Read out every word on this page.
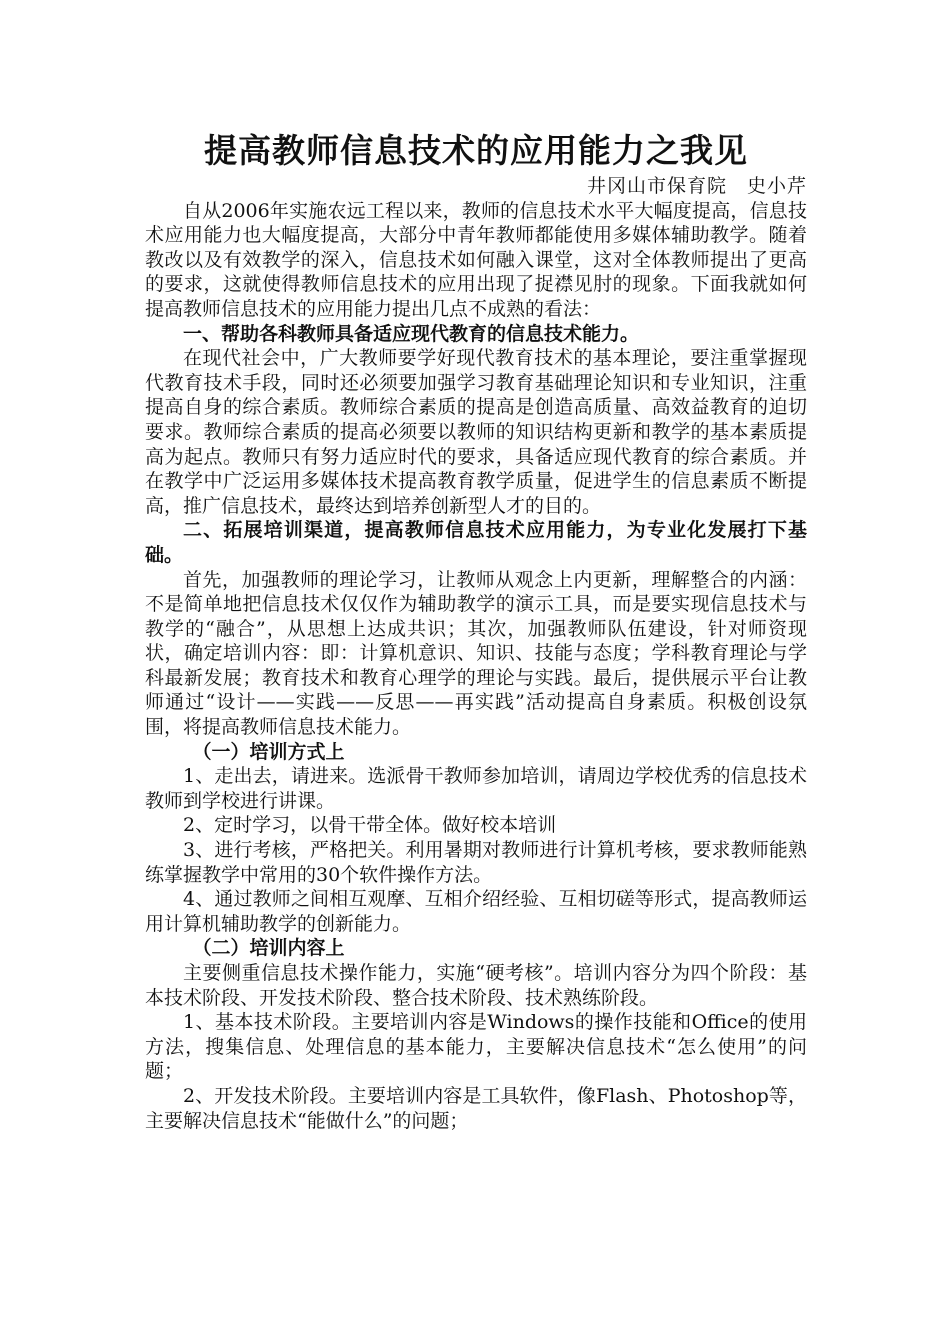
提高教师信息技术的应用能力之我见
井冈山市保育院　史小芹

自从2006年实施农远工程以来，教师的信息技术水平大幅度提高，信息技术应用能力也大幅度提高，大部分中青年教师都能使用多媒体辅助教学。随着教改以及有效教学的深入，信息技术如何融入课堂，这对全体教师提出了更高的要求，这就使得教师信息技术的应用出现了捉襟见肘的现象。下面我就如何提高教师信息技术的应用能力提出几点不成熟的看法：

一、帮助各科教师具备适应现代教育的信息技术能力。

在现代社会中，广大教师要学好现代教育技术的基本理论，要注重掌握现代教育技术手段，同时还必须要加强学习教育基础理论知识和专业知识，注重提高自身的综合素质。教师综合素质的提高是创造高质量、高效益教育的迫切要求。教师综合素质的提高必须要以教师的知识结构更新和教学的基本素质提高为起点。教师只有努力适应时代的要求，具备适应现代教育的综合素质。并在教学中广泛运用多媒体技术提高教育教学质量，促进学生的信息素质不断提高，推广信息技术，最终达到培养创新型人才的目的。

二、拓展培训渠道，提高教师信息技术应用能力，为专业化发展打下基础。

首先，加强教师的理论学习，让教师从观念上内更新，理解整合的内涵：不是简单地把信息技术仅仅作为辅助教学的演示工具，而是要实现信息技术与教学的“融合”，从思想上达成共识；其次，加强教师队伍建设，针对师资现状，确定培训内容：即：计算机意识、知识、技能与态度；学科教育理论与学科最新发展；教育技术和教育心理学的理论与实践。最后，提供展示平台让教师通过“设计——实践——反思——再实践”活动提高自身素质。积极创设氛围，将提高教师信息技术能力。

（一）培训方式上

1、走出去，请进来。选派骨干教师参加培训，请周边学校优秀的信息技术教师到学校进行讲课。

2、定时学习，以骨干带全体。做好校本培训

3、进行考核，严格把关。利用暑期对教师进行计算机考核，要求教师能熟练掌握教学中常用的30个软件操作方法。

4、通过教师之间相互观摩、互相介绍经验、互相切磋等形式，提高教师运用计算机辅助教学的创新能力。

（二）培训内容上

主要侧重信息技术操作能力，实施“硬考核”。培训内容分为四个阶段：基本技术阶段、开发技术阶段、整合技术阶段、技术熟练阶段。

1、基本技术阶段。主要培训内容是Windows的操作技能和Office的使用方法，搜集信息、处理信息的基本能力，主要解决信息技术“怎么使用”的问题；

2、开发技术阶段。主要培训内容是工具软件，像Flash、Photoshop等，主要解决信息技术“能做什么”的问题；
